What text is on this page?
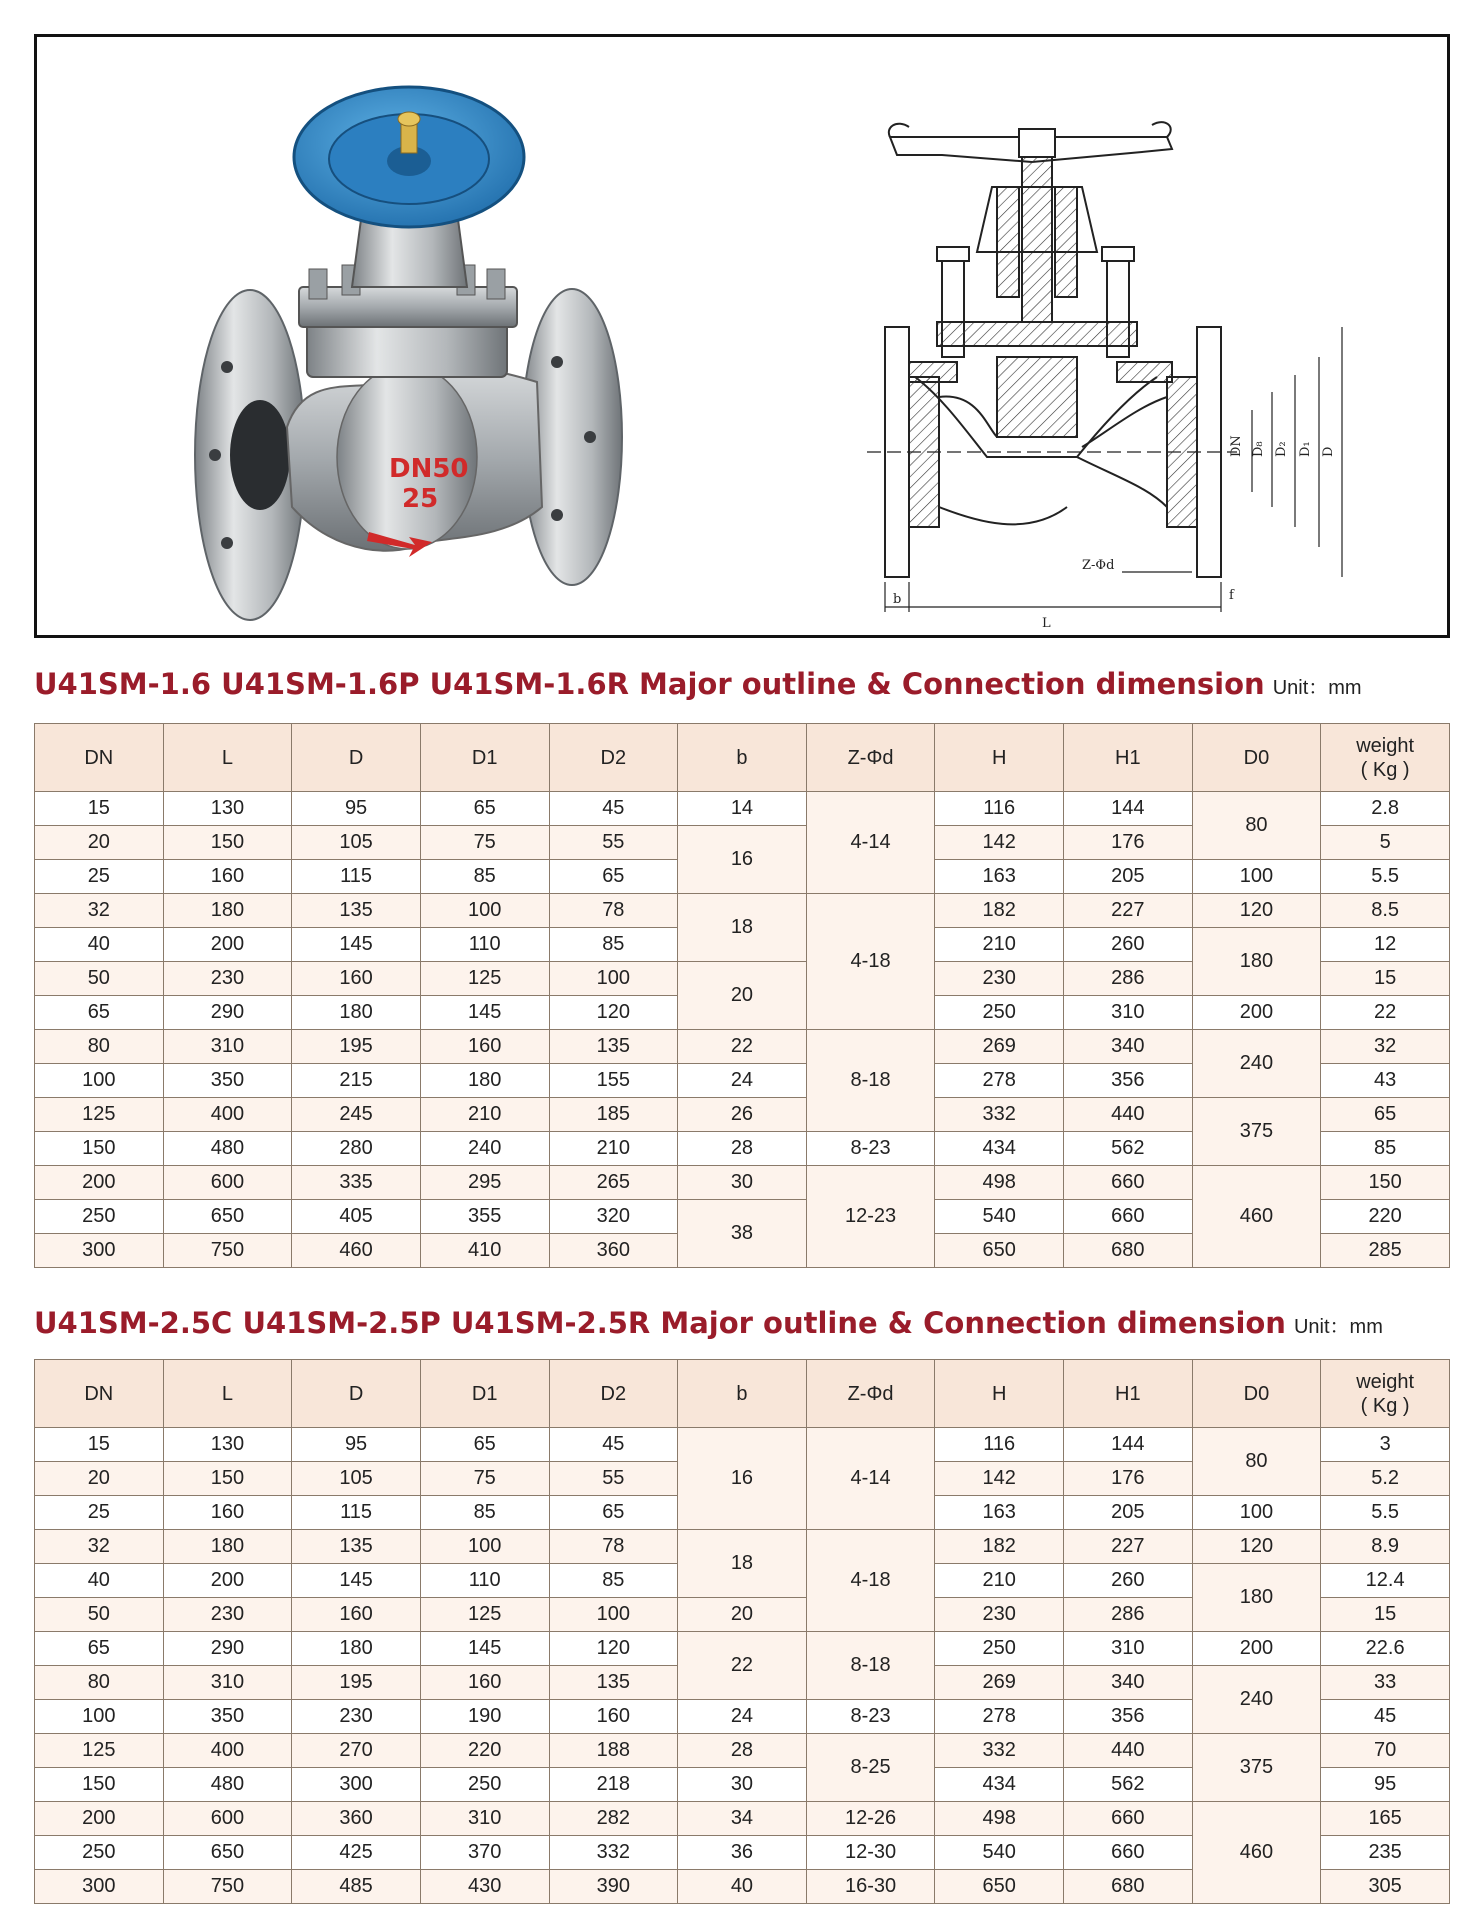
DN50
25
DN D₈ D₂ D₁ D
Z-Φd
b
L
f
U41SM-1.6 U41SM-1.6P U41SM-1.6R Major outline & Connection dimension Unit：mm
DN	L	D	D1	D2	b	Z-Φd	H	H1	D0	weight
( Kg )
15	130	95	65	45	14	4-14	116	144	80	2.8
20	150	105	75	55	16		142	176		5
25	160	115	85	65			163	205	100	5.5
32	180	135	100	78	18	4-18	182	227	120	8.5
40	200	145	110	85			210	260	180	12
50	230	160	125	100	20		230	286		15
65	290	180	145	120			250	310	200	22
80	310	195	160	135	22	8-18	269	340	240	32
100	350	215	180	155	24		278	356		43
125	400	245	210	185	26		332	440	375	65
150	480	280	240	210	28	8-23	434	562		85
200	600	335	295	265	30	12-23	498	660	460	150
250	650	405	355	320	38		540	660		220
300	750	460	410	360			650	680		285
U41SM-2.5C U41SM-2.5P U41SM-2.5R Major outline & Connection dimension Unit：mm
DN	L	D	D1	D2	b	Z-Φd	H	H1	D0	weight
( Kg )
15	130	95	65	45	16	4-14	116	144	80	3
20	150	105	75	55			142	176		5.2
25	160	115	85	65			163	205	100	5.5
32	180	135	100	78	18	4-18	182	227	120	8.9
40	200	145	110	85			210	260	180	12.4
50	230	160	125	100	20		230	286		15
65	290	180	145	120	22	8-18	250	310	200	22.6
80	310	195	160	135			269	340	240	33
100	350	230	190	160	24	8-23	278	356		45
125	400	270	220	188	28	8-25	332	440	375	70
150	480	300	250	218	30		434	562		95
200	600	360	310	282	34	12-26	498	660	460	165
250	650	425	370	332	36	12-30	540	660		235
300	750	485	430	390	40	16-30	650	680		305
